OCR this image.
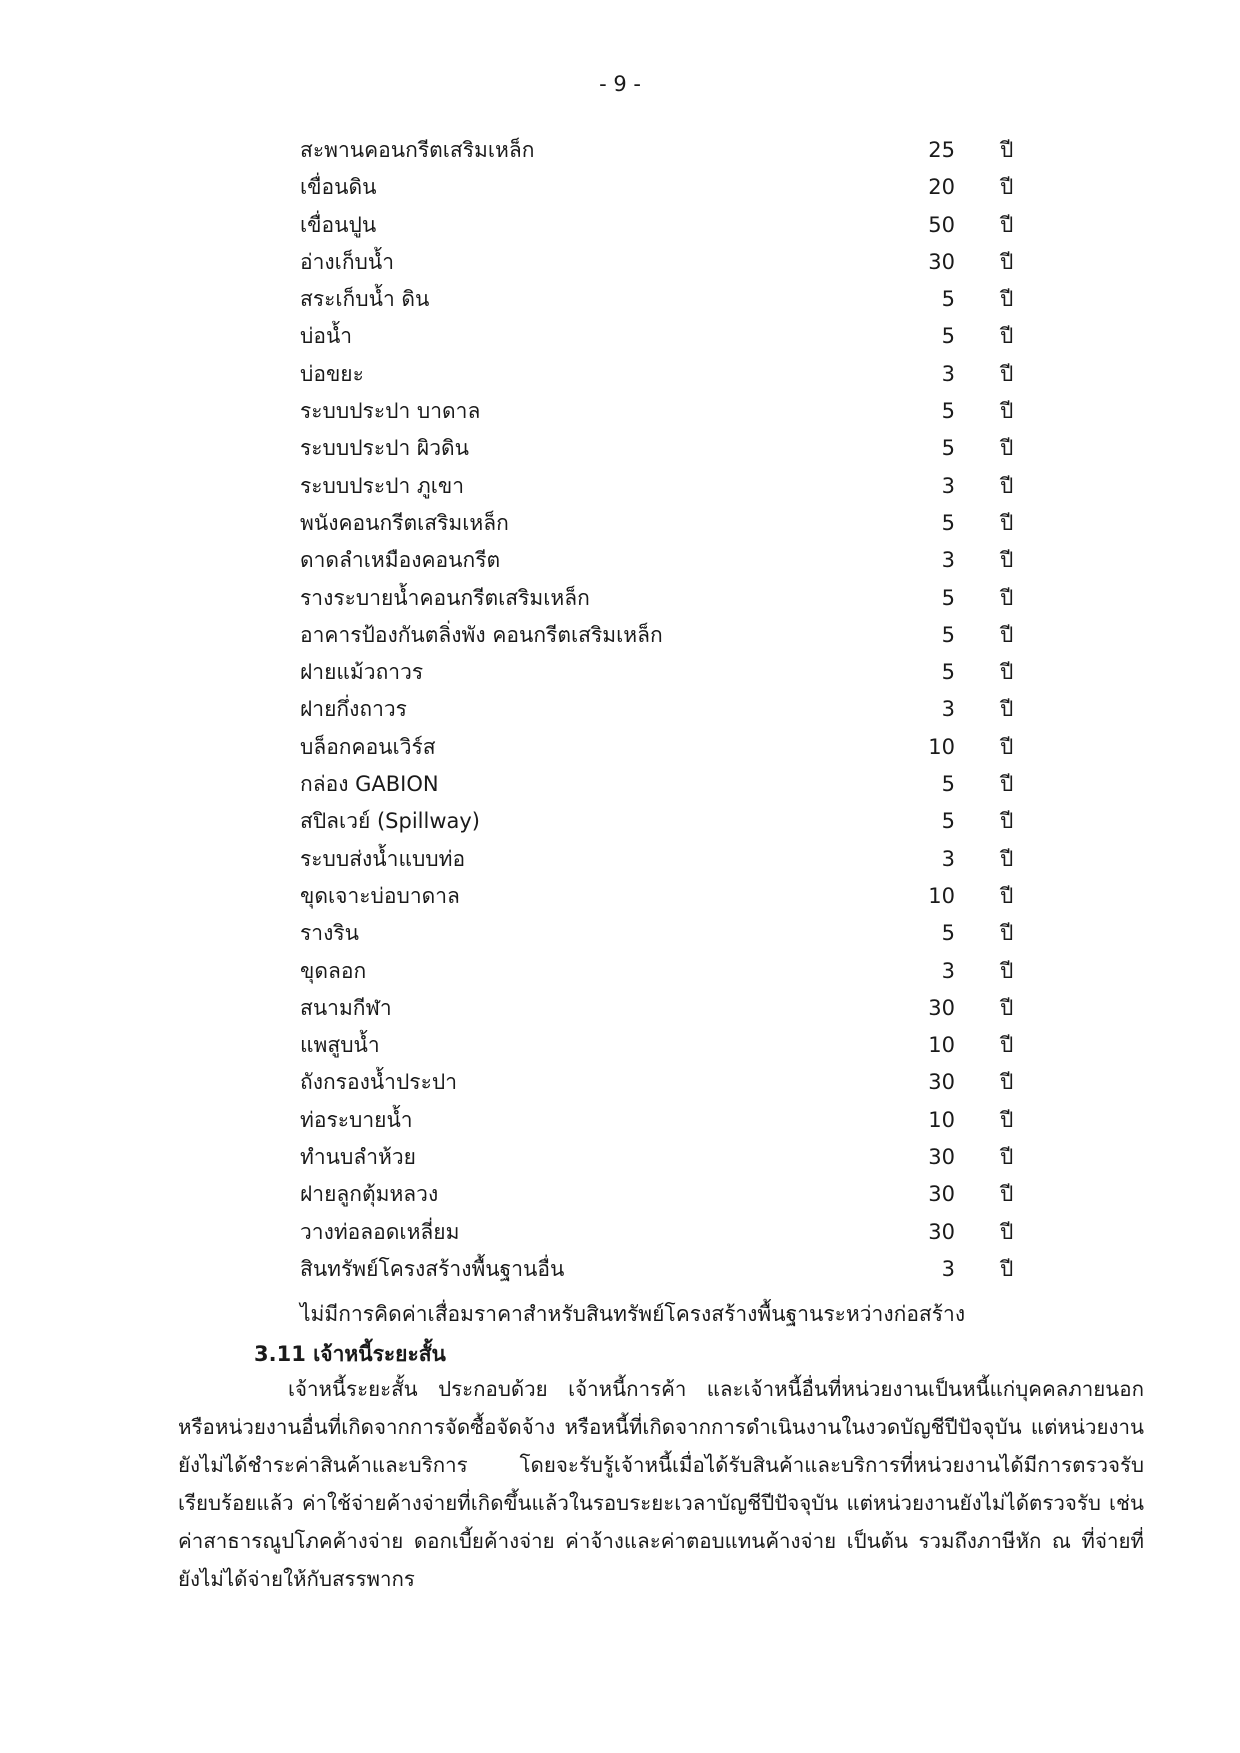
- 9 -
สะพานคอนกรีตเสริมเหล็ก	25 ปี
เขื่อนดิน	20 ปี
เขื่อนปูน	50 ปี
อ่างเก็บน้ำ	30 ปี
สระเก็บน้ำ ดิน	5 ปี
บ่อน้ำ	5 ปี
บ่อขยะ	3 ปี
ระบบประปา บาดาล	5 ปี
ระบบประปา ผิวดิน	5 ปี
ระบบประปา ภูเขา	3 ปี
พนังคอนกรีตเสริมเหล็ก	5 ปี
ดาดลำเหมืองคอนกรีต	3 ปี
รางระบายน้ำคอนกรีตเสริมเหล็ก	5 ปี
อาคารป้องกันตลิ่งพัง คอนกรีตเสริมเหล็ก	5 ปี
ฝายแม้วถาวร	5 ปี
ฝายกึ่งถาวร	3 ปี
บล็อกคอนเวิร์ส	10 ปี
กล่อง GABION	5 ปี
สปิลเวย์ (Spillway)	5 ปี
ระบบส่งน้ำแบบท่อ	3 ปี
ขุดเจาะบ่อบาดาล	10 ปี
รางริน	5 ปี
ขุดลอก	3 ปี
สนามกีฬา	30 ปี
แพสูบน้ำ	10 ปี
ถังกรองน้ำประปา	30 ปี
ท่อระบายน้ำ	10 ปี
ทำนบลำห้วย	30 ปี
ฝายลูกตุ้มหลวง	30 ปี
วางท่อลอดเหลี่ยม	30 ปี
สินทรัพย์โครงสร้างพื้นฐานอื่น	3 ปี
ไม่มีการคิดค่าเสื่อมราคาสำหรับสินทรัพย์โครงสร้างพื้นฐานระหว่างก่อสร้าง
3.11 เจ้าหนี้ระยะสั้น
เจ้าหนี้ระยะสั้น ประกอบด้วย เจ้าหนี้การค้า และเจ้าหนี้อื่นที่หน่วยงานเป็นหนี้แก่บุคคลภายนอก
หรือหน่วยงานอื่นที่เกิดจากการจัดซื้อจัดจ้าง หรือหนี้ที่เกิดจากการดำเนินงานในงวดบัญชีปีปัจจุบัน แต่หน่วยงาน
ยังไม่ได้ชำระค่าสินค้าและบริการ โดยจะรับรู้เจ้าหนี้เมื่อได้รับสินค้าและบริการที่หน่วยงานได้มีการตรวจรับ
เรียบร้อยแล้ว ค่าใช้จ่ายค้างจ่ายที่เกิดขึ้นแล้วในรอบระยะเวลาบัญชีปีปัจจุบัน แต่หน่วยงานยังไม่ได้ตรวจรับ เช่น
ค่าสาธารณูปโภคค้างจ่าย ดอกเบี้ยค้างจ่าย ค่าจ้างและค่าตอบแทนค้างจ่าย เป็นต้น รวมถึงภาษีหัก ณ ที่จ่ายที่
ยังไม่ได้จ่ายให้กับสรรพากร
